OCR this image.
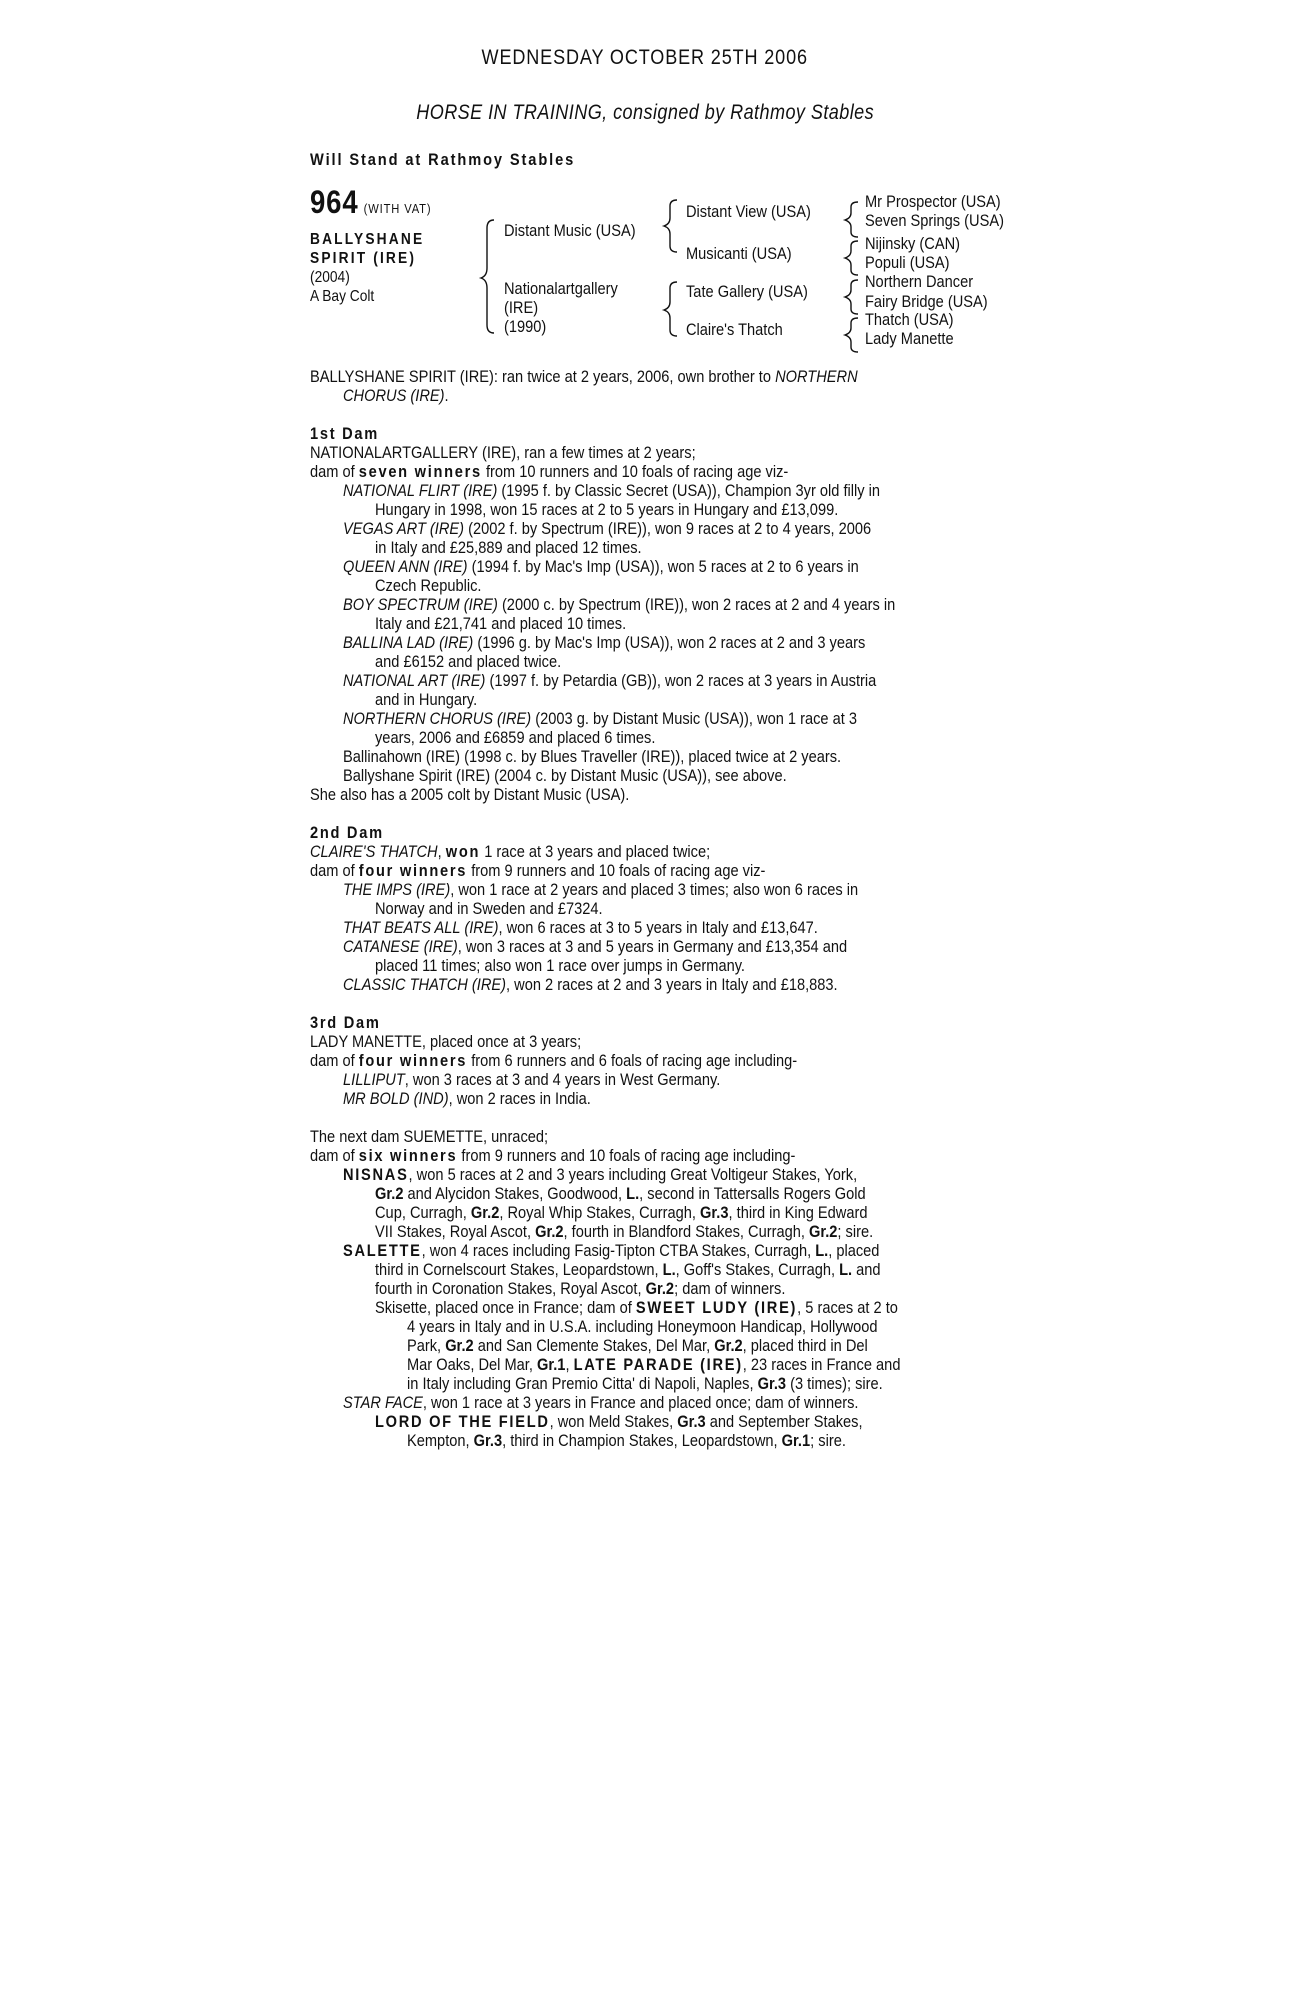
WEDNESDAY OCTOBER 25TH 2006
HORSE IN TRAINING, consigned by Rathmoy Stables
Will Stand at Rathmoy Stables
964 (WITH VAT)
BALLYSHANE
SPIRIT (IRE)
(2004)
A Bay Colt
Distant Music (USA)
Nationalartgallery
(IRE)
(1990)
Distant View (USA)
Musicanti (USA)
Tate Gallery (USA)
Claire's Thatch
Mr Prospector (USA)
Seven Springs (USA)
Nijinsky (CAN)
Populi (USA)
Northern Dancer
Fairy Bridge (USA)
Thatch (USA)
Lady Manette
BALLYSHANE SPIRIT (IRE): ran twice at 2 years, 2006, own brother to NORTHERN
CHORUS (IRE).
1st Dam
NATIONALARTGALLERY (IRE), ran a few times at 2 years;
dam of seven winners from 10 runners and 10 foals of racing age viz-
NATIONAL FLIRT (IRE) (1995 f. by Classic Secret (USA)), Champion 3yr old filly in
Hungary in 1998, won 15 races at 2 to 5 years in Hungary and £13,099.
VEGAS ART (IRE) (2002 f. by Spectrum (IRE)), won 9 races at 2 to 4 years, 2006
in Italy and £25,889 and placed 12 times.
QUEEN ANN (IRE) (1994 f. by Mac's Imp (USA)), won 5 races at 2 to 6 years in
Czech Republic.
BOY SPECTRUM (IRE) (2000 c. by Spectrum (IRE)), won 2 races at 2 and 4 years in
Italy and £21,741 and placed 10 times.
BALLINA LAD (IRE) (1996 g. by Mac's Imp (USA)), won 2 races at 2 and 3 years
and £6152 and placed twice.
NATIONAL ART (IRE) (1997 f. by Petardia (GB)), won 2 races at 3 years in Austria
and in Hungary.
NORTHERN CHORUS (IRE) (2003 g. by Distant Music (USA)), won 1 race at 3
years, 2006 and £6859 and placed 6 times.
Ballinahown (IRE) (1998 c. by Blues Traveller (IRE)), placed twice at 2 years.
Ballyshane Spirit (IRE) (2004 c. by Distant Music (USA)), see above.
She also has a 2005 colt by Distant Music (USA).
2nd Dam
CLAIRE'S THATCH, won 1 race at 3 years and placed twice;
dam of four winners from 9 runners and 10 foals of racing age viz-
THE IMPS (IRE), won 1 race at 2 years and placed 3 times; also won 6 races in
Norway and in Sweden and £7324.
THAT BEATS ALL (IRE), won 6 races at 3 to 5 years in Italy and £13,647.
CATANESE (IRE), won 3 races at 3 and 5 years in Germany and £13,354 and
placed 11 times; also won 1 race over jumps in Germany.
CLASSIC THATCH (IRE), won 2 races at 2 and 3 years in Italy and £18,883.
3rd Dam
LADY MANETTE, placed once at 3 years;
dam of four winners from 6 runners and 6 foals of racing age including-
LILLIPUT, won 3 races at 3 and 4 years in West Germany.
MR BOLD (IND), won 2 races in India.
The next dam SUEMETTE, unraced;
dam of six winners from 9 runners and 10 foals of racing age including-
NISNAS, won 5 races at 2 and 3 years including Great Voltigeur Stakes, York,
Gr.2 and Alycidon Stakes, Goodwood, L., second in Tattersalls Rogers Gold
Cup, Curragh, Gr.2, Royal Whip Stakes, Curragh, Gr.3, third in King Edward
VII Stakes, Royal Ascot, Gr.2, fourth in Blandford Stakes, Curragh, Gr.2; sire.
SALETTE, won 4 races including Fasig-Tipton CTBA Stakes, Curragh, L., placed
third in Cornelscourt Stakes, Leopardstown, L., Goff's Stakes, Curragh, L. and
fourth in Coronation Stakes, Royal Ascot, Gr.2; dam of winners.
Skisette, placed once in France; dam of SWEET LUDY (IRE), 5 races at 2 to
4 years in Italy and in U.S.A. including Honeymoon Handicap, Hollywood
Park, Gr.2 and San Clemente Stakes, Del Mar, Gr.2, placed third in Del
Mar Oaks, Del Mar, Gr.1, LATE PARADE (IRE), 23 races in France and
in Italy including Gran Premio Citta' di Napoli, Naples, Gr.3 (3 times); sire.
STAR FACE, won 1 race at 3 years in France and placed once; dam of winners.
LORD OF THE FIELD, won Meld Stakes, Gr.3 and September Stakes,
Kempton, Gr.3, third in Champion Stakes, Leopardstown, Gr.1; sire.
